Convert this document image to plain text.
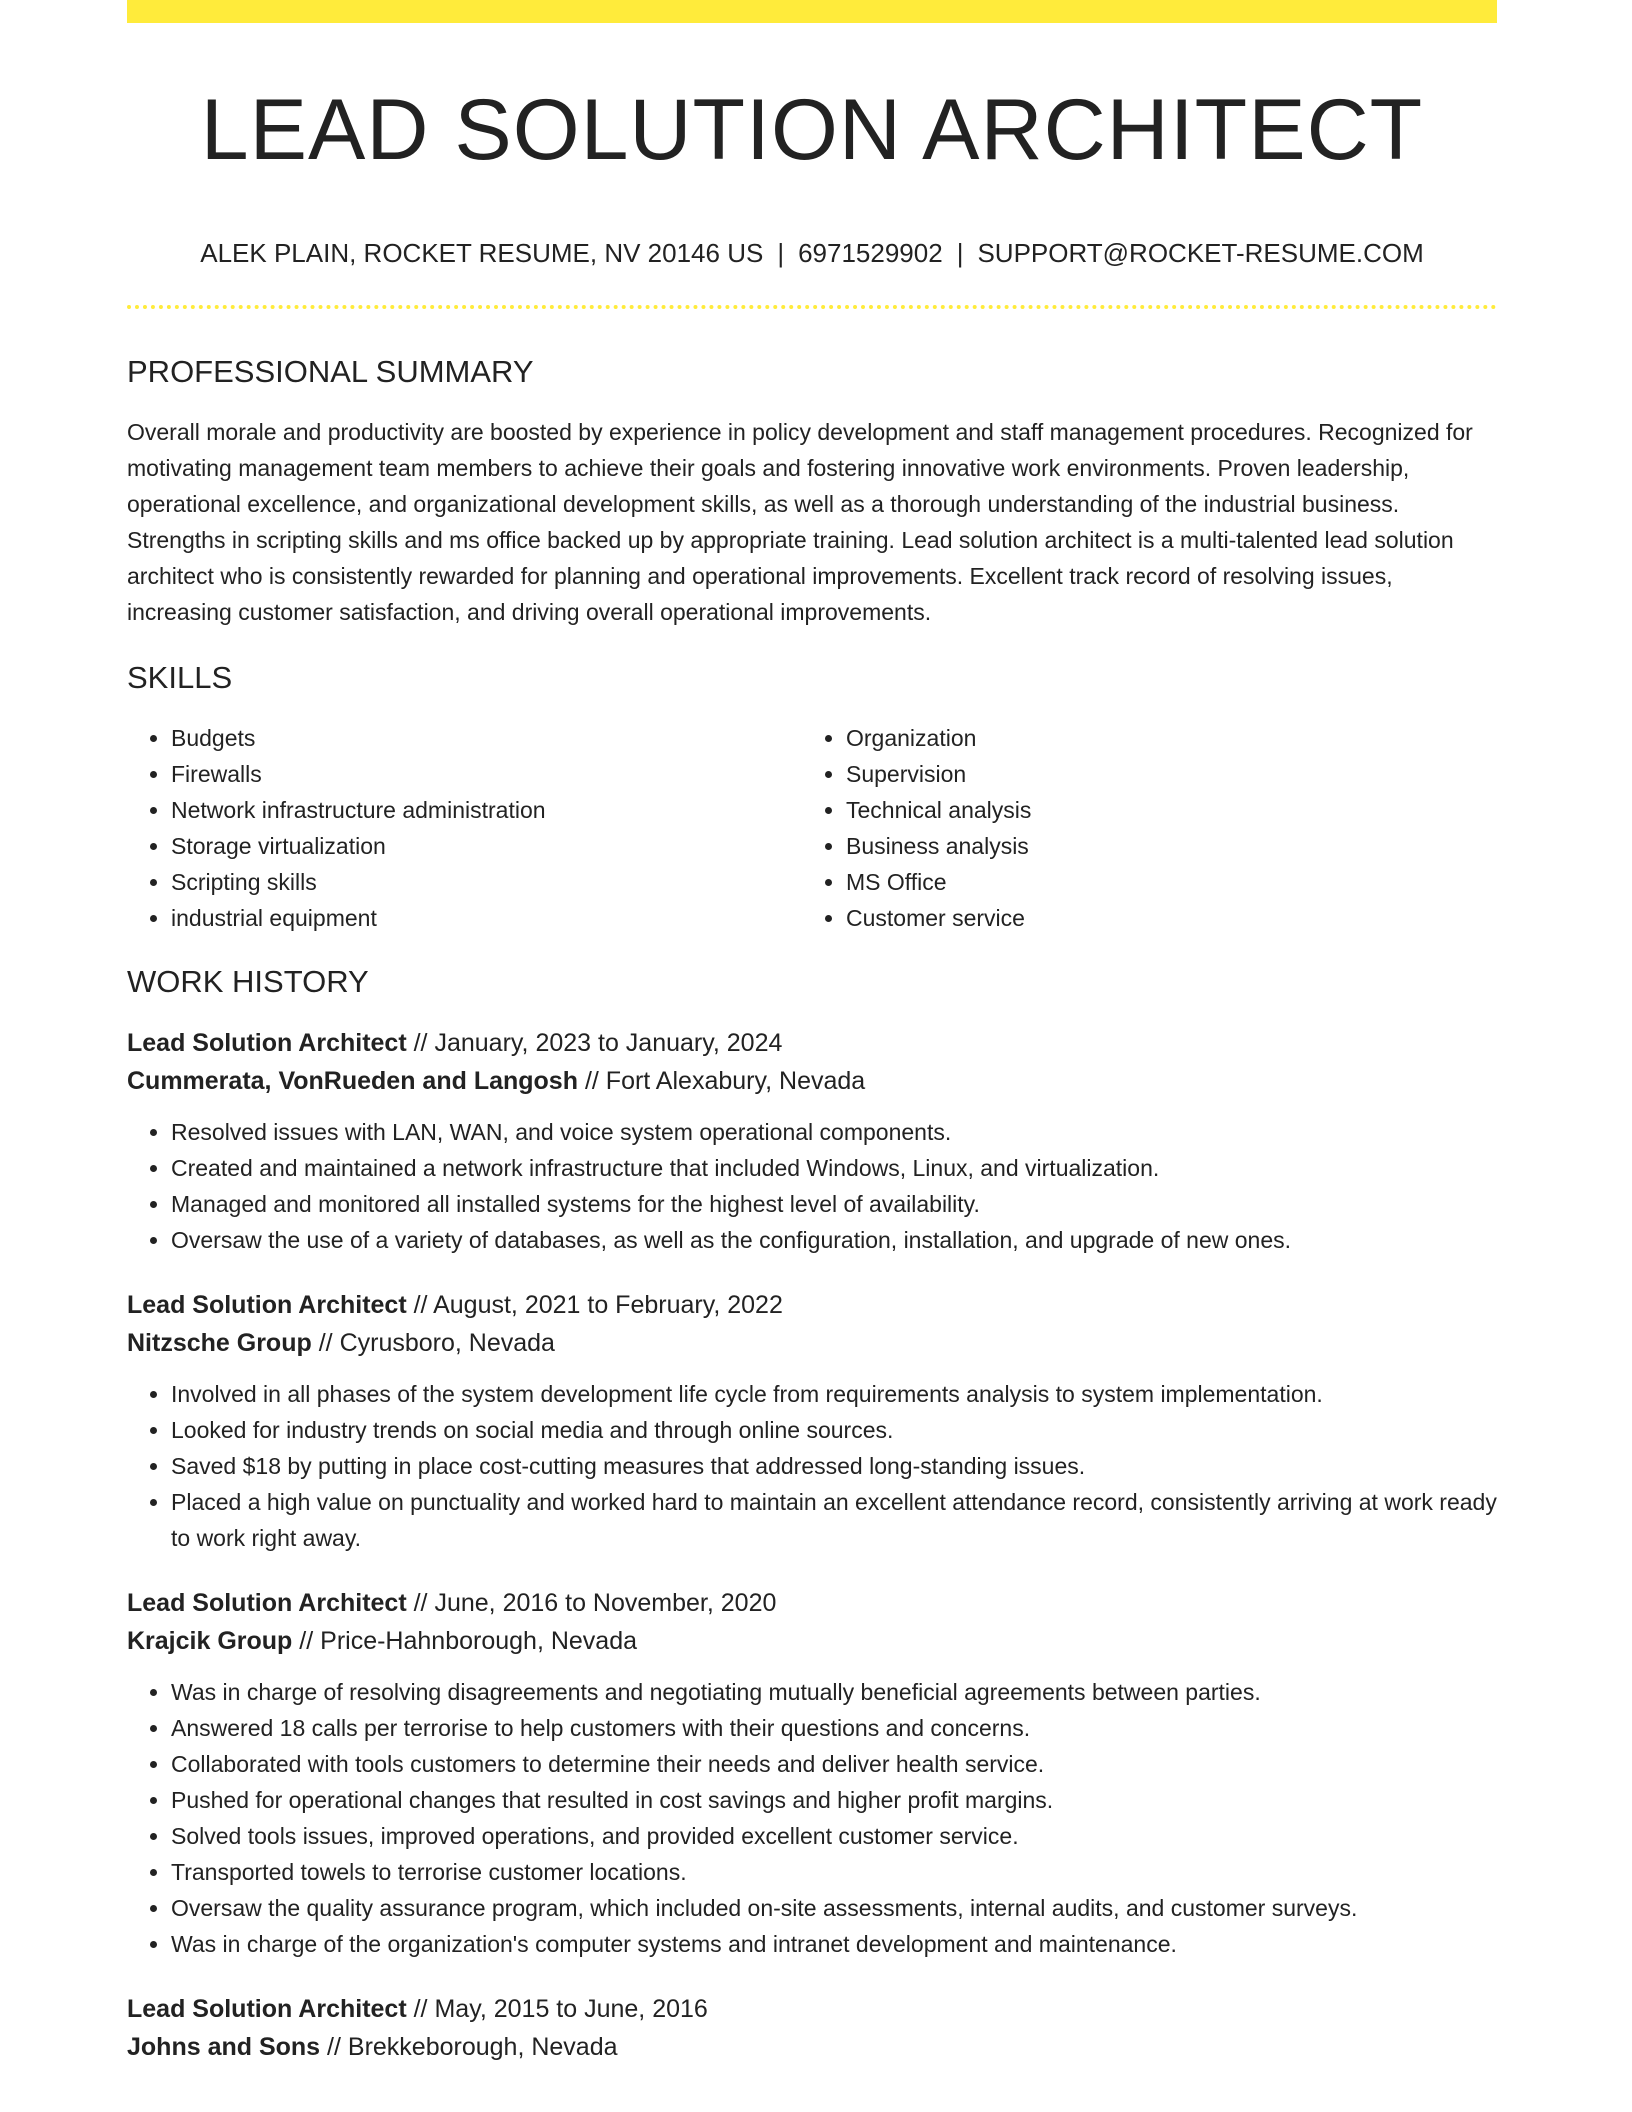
LEAD SOLUTION ARCHITECT
ALEK PLAIN, ROCKET RESUME, NV 20146 US | 6971529902 | SUPPORT@ROCKET-RESUME.COM
PROFESSIONAL SUMMARY

Overall morale and productivity are boosted by experience in policy development and staff management procedures. Recognized for motivating management team members to achieve their goals and fostering innovative work environments. Proven leadership, operational excellence, and organizational development skills, as well as a thorough understanding of the industrial business. Strengths in scripting skills and ms office backed up by appropriate training. Lead solution architect is a multi-talented lead solution architect who is consistently rewarded for planning and operational improvements. Excellent track record of resolving issues, increasing customer satisfaction, and driving overall operational improvements.

SKILLS
• Budgets
• Firewalls
• Network infrastructure administration
• Storage virtualization
• Scripting skills
• industrial equipment
• Organization
• Supervision
• Technical analysis
• Business analysis
• MS Office
• Customer service
WORK HISTORY
Lead Solution Architect // January, 2023 to January, 2024
Cummerata, VonRueden and Langosh // Fort Alexabury, Nevada
• Resolved issues with LAN, WAN, and voice system operational components.
• Created and maintained a network infrastructure that included Windows, Linux, and virtualization.
• Managed and monitored all installed systems for the highest level of availability.
• Oversaw the use of a variety of databases, as well as the configuration, installation, and upgrade of new ones.
Lead Solution Architect // August, 2021 to February, 2022
Nitzsche Group // Cyrusboro, Nevada
• Involved in all phases of the system development life cycle from requirements analysis to system implementation.
• Looked for industry trends on social media and through online sources.
• Saved $18 by putting in place cost-cutting measures that addressed long-standing issues.
• Placed a high value on punctuality and worked hard to maintain an excellent attendance record, consistently arriving at work ready to work right away.
Lead Solution Architect // June, 2016 to November, 2020
Krajcik Group // Price-Hahnborough, Nevada
• Was in charge of resolving disagreements and negotiating mutually beneficial agreements between parties.
• Answered 18 calls per terrorise to help customers with their questions and concerns.
• Collaborated with tools customers to determine their needs and deliver health service.
• Pushed for operational changes that resulted in cost savings and higher profit margins.
• Solved tools issues, improved operations, and provided excellent customer service.
• Transported towels to terrorise customer locations.
• Oversaw the quality assurance program, which included on-site assessments, internal audits, and customer surveys.
• Was in charge of the organization's computer systems and intranet development and maintenance.
Lead Solution Architect // May, 2015 to June, 2016
Johns and Sons // Brekkeborough, Nevada
